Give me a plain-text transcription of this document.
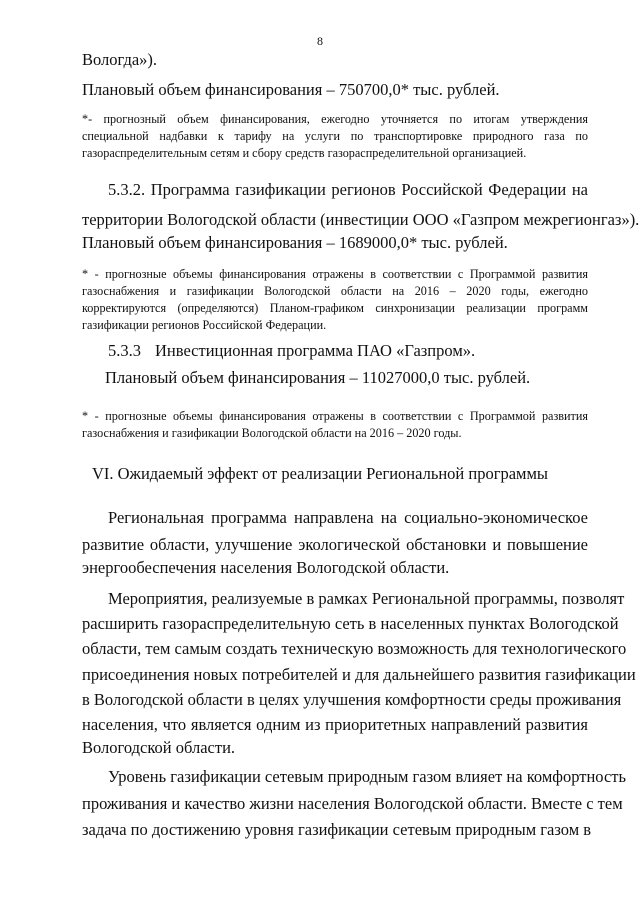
8
Вологда»).
Плановый объем финансирования – 750700,0* тыс. рублей.
*- прогнозный объем финансирования, ежегодно уточняется по итогам утверждения специальной надбавки к тарифу на услуги по транспортировке природного газа по газораспределительным сетям и сбору средств газораспределительной организацией.
5.3.2. Программа газификации регионов Российской Федерации на
территории Вологодской области (инвестиции ООО «Газпром межрегионгаз»).
Плановый объем финансирования – 1689000,0* тыс. рублей.
* - прогнозные объемы финансирования отражены в соответствии с Программой развития газоснабжения и газификации Вологодской области на 2016 – 2020 годы, ежегодно корректируются (определяются) Планом-графиком синхронизации реализации программ газификации регионов Российской Федерации.
5.3.3 Инвестиционная программа ПАО «Газпром».
Плановый объем финансирования – 11027000,0 тыс. рублей.
* - прогнозные объемы финансирования отражены в соответствии с Программой развития газоснабжения и газификации Вологодской области на 2016 – 2020 годы.
VI. Ожидаемый эффект от реализации Региональной программы
Региональная программа направлена на социально-экономическое
развитие области, улучшение экологической обстановки и повышение
энергообеспечения населения Вологодской области.
Мероприятия, реализуемые в рамках Региональной программы, позволят
расширить газораспределительную сеть в населенных пунктах Вологодской
области, тем самым создать техническую возможность для технологического
присоединения новых потребителей и для дальнейшего развития газификации
в Вологодской области в целях улучшения комфортности среды проживания
населения, что является одним из приоритетных направлений развития
Вологодской области.
Уровень газификации сетевым природным газом влияет на комфортность
проживания и качество жизни населения Вологодской области. Вместе с тем
задача по достижению уровня газификации сетевым природным газом в
